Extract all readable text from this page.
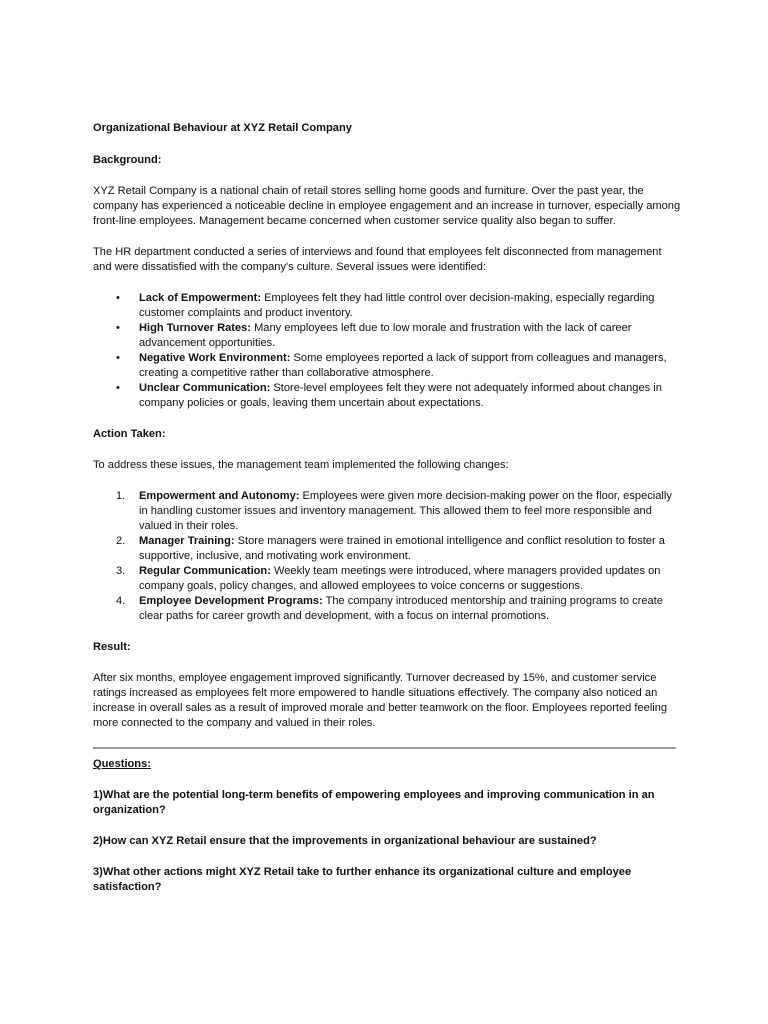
Organizational Behaviour at XYZ Retail Company
Background:

XYZ Retail Company is a national chain of retail stores selling home goods and furniture. Over the past year, the company has experienced a noticeable decline in employee engagement and an increase in turnover, especially among front-line employees. Management became concerned when customer service quality also began to suffer.

The HR department conducted a series of interviews and found that employees felt disconnected from management and were dissatisfied with the company's culture. Several issues were identified:

• Lack of Empowerment: Employees felt they had little control over decision-making, especially regarding customer complaints and product inventory.
• High Turnover Rates: Many employees left due to low morale and frustration with the lack of career advancement opportunities.
• Negative Work Environment: Some employees reported a lack of support from colleagues and managers, creating a competitive rather than collaborative atmosphere.
• Unclear Communication: Store-level employees felt they were not adequately informed about changes in company policies or goals, leaving them uncertain about expectations.
Action Taken:

To address these issues, the management team implemented the following changes:

1. Empowerment and Autonomy: Employees were given more decision-making power on the floor, especially in handling customer issues and inventory management. This allowed them to feel more responsible and valued in their roles.
2. Manager Training: Store managers were trained in emotional intelligence and conflict resolution to foster a supportive, inclusive, and motivating work environment.
3. Regular Communication: Weekly team meetings were introduced, where managers provided updates on company goals, policy changes, and allowed employees to voice concerns or suggestions.
4. Employee Development Programs: The company introduced mentorship and training programs to create clear paths for career growth and development, with a focus on internal promotions.
Result:

After six months, employee engagement improved significantly. Turnover decreased by 15%, and customer service ratings increased as employees felt more empowered to handle situations effectively. The company also noticed an increase in overall sales as a result of improved morale and better teamwork on the floor. Employees reported feeling more connected to the company and valued in their roles.

Questions:
1)What are the potential long-term benefits of empowering employees and improving communication in an organization?
2)How can XYZ Retail ensure that the improvements in organizational behaviour are sustained?
3)What other actions might XYZ Retail take to further enhance its organizational culture and employee satisfaction?
